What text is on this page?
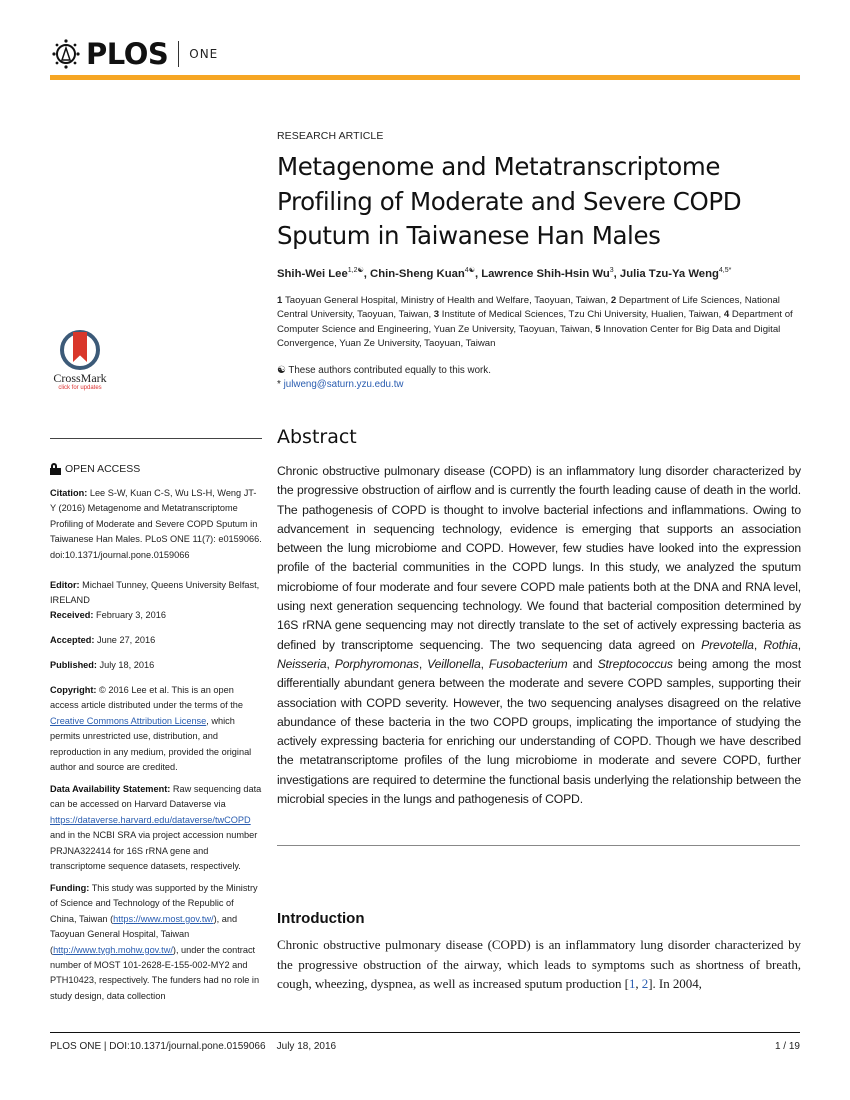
PLOS ONE
CrossMark
click for updates
RESEARCH ARTICLE
Metagenome and Metatranscriptome Profiling of Moderate and Severe COPD Sputum in Taiwanese Han Males
Shih-Wei Lee$^{1,2☯}$, Chin-Sheng Kuan$^{4☯}$, Lawrence Shih-Hsin Wu$^3$, Julia Tzu-Ya Weng$^{4,5*}$
1 Taoyuan General Hospital, Ministry of Health and Welfare, Taoyuan, Taiwan, 2 Department of Life Sciences, National Central University, Taoyuan, Taiwan, 3 Institute of Medical Sciences, Tzu Chi University, Hualien, Taiwan, 4 Department of Computer Science and Engineering, Yuan Ze University, Taoyuan, Taiwan, 5 Innovation Center for Big Data and Digital Convergence, Yuan Ze University, Taoyuan, Taiwan
☯ These authors contributed equally to this work.
* julweng@saturn.yzu.edu.tw
OPEN ACCESS
Citation: Lee S-W, Kuan C-S, Wu LS-H, Weng JT-Y (2016) Metagenome and Metatranscriptome Profiling of Moderate and Severe COPD Sputum in Taiwanese Han Males. PLoS ONE 11(7): e0159066. doi:10.1371/journal.pone.0159066
Editor: Michael Tunney, Queens University Belfast, IRELAND
Received: February 3, 2016
Accepted: June 27, 2016
Published: July 18, 2016
Copyright: © 2016 Lee et al. This is an open access article distributed under the terms of the Creative Commons Attribution License, which permits unrestricted use, distribution, and reproduction in any medium, provided the original author and source are credited.
Data Availability Statement: Raw sequencing data can be accessed on Harvard Dataverse via https://dataverse.harvard.edu/dataverse/twCOPD and in the NCBI SRA via project accession number PRJNA322414 for 16S rRNA gene and transcriptome sequence datasets, respectively.
Funding: This study was supported by the Ministry of Science and Technology of the Republic of China, Taiwan (https://www.most.gov.tw/), and Taoyuan General Hospital, Taiwan (http://www.tygh.mohw.gov.tw/), under the contract number of MOST 101-2628-E-155-002-MY2 and PTH10423, respectively. The funders had no role in study design, data collection
Abstract
Chronic obstructive pulmonary disease (COPD) is an inflammatory lung disorder characterized by the progressive obstruction of airflow and is currently the fourth leading cause of death in the world. The pathogenesis of COPD is thought to involve bacterial infections and inflammations. Owing to advancement in sequencing technology, evidence is emerging that supports an association between the lung microbiome and COPD. However, few studies have looked into the expression profile of the bacterial communities in the COPD lungs. In this study, we analyzed the sputum microbiome of four moderate and four severe COPD male patients both at the DNA and RNA level, using next generation sequencing technology. We found that bacterial composition determined by 16S rRNA gene sequencing may not directly translate to the set of actively expressing bacteria as defined by transcriptome sequencing. The two sequencing data agreed on Prevotella, Rothia, Neisseria, Porphyromonas, Veillonella, Fusobacterium and Streptococcus being among the most differentially abundant genera between the moderate and severe COPD samples, supporting their association with COPD severity. However, the two sequencing analyses disagreed on the relative abundance of these bacteria in the two COPD groups, implicating the importance of studying the actively expressing bacteria for enriching our understanding of COPD. Though we have described the metatranscriptome profiles of the lung microbiome in moderate and severe COPD, further investigations are required to determine the functional basis underlying the relationship between the microbial species in the lungs and pathogenesis of COPD.
Introduction
Chronic obstructive pulmonary disease (COPD) is an inflammatory lung disorder characterized by the progressive obstruction of the airway, which leads to symptoms such as shortness of breath, cough, wheezing, dyspnea, as well as increased sputum production [1, 2]. In 2004,
PLOS ONE | DOI:10.1371/journal.pone.0159066    July 18, 2016	1 / 19
